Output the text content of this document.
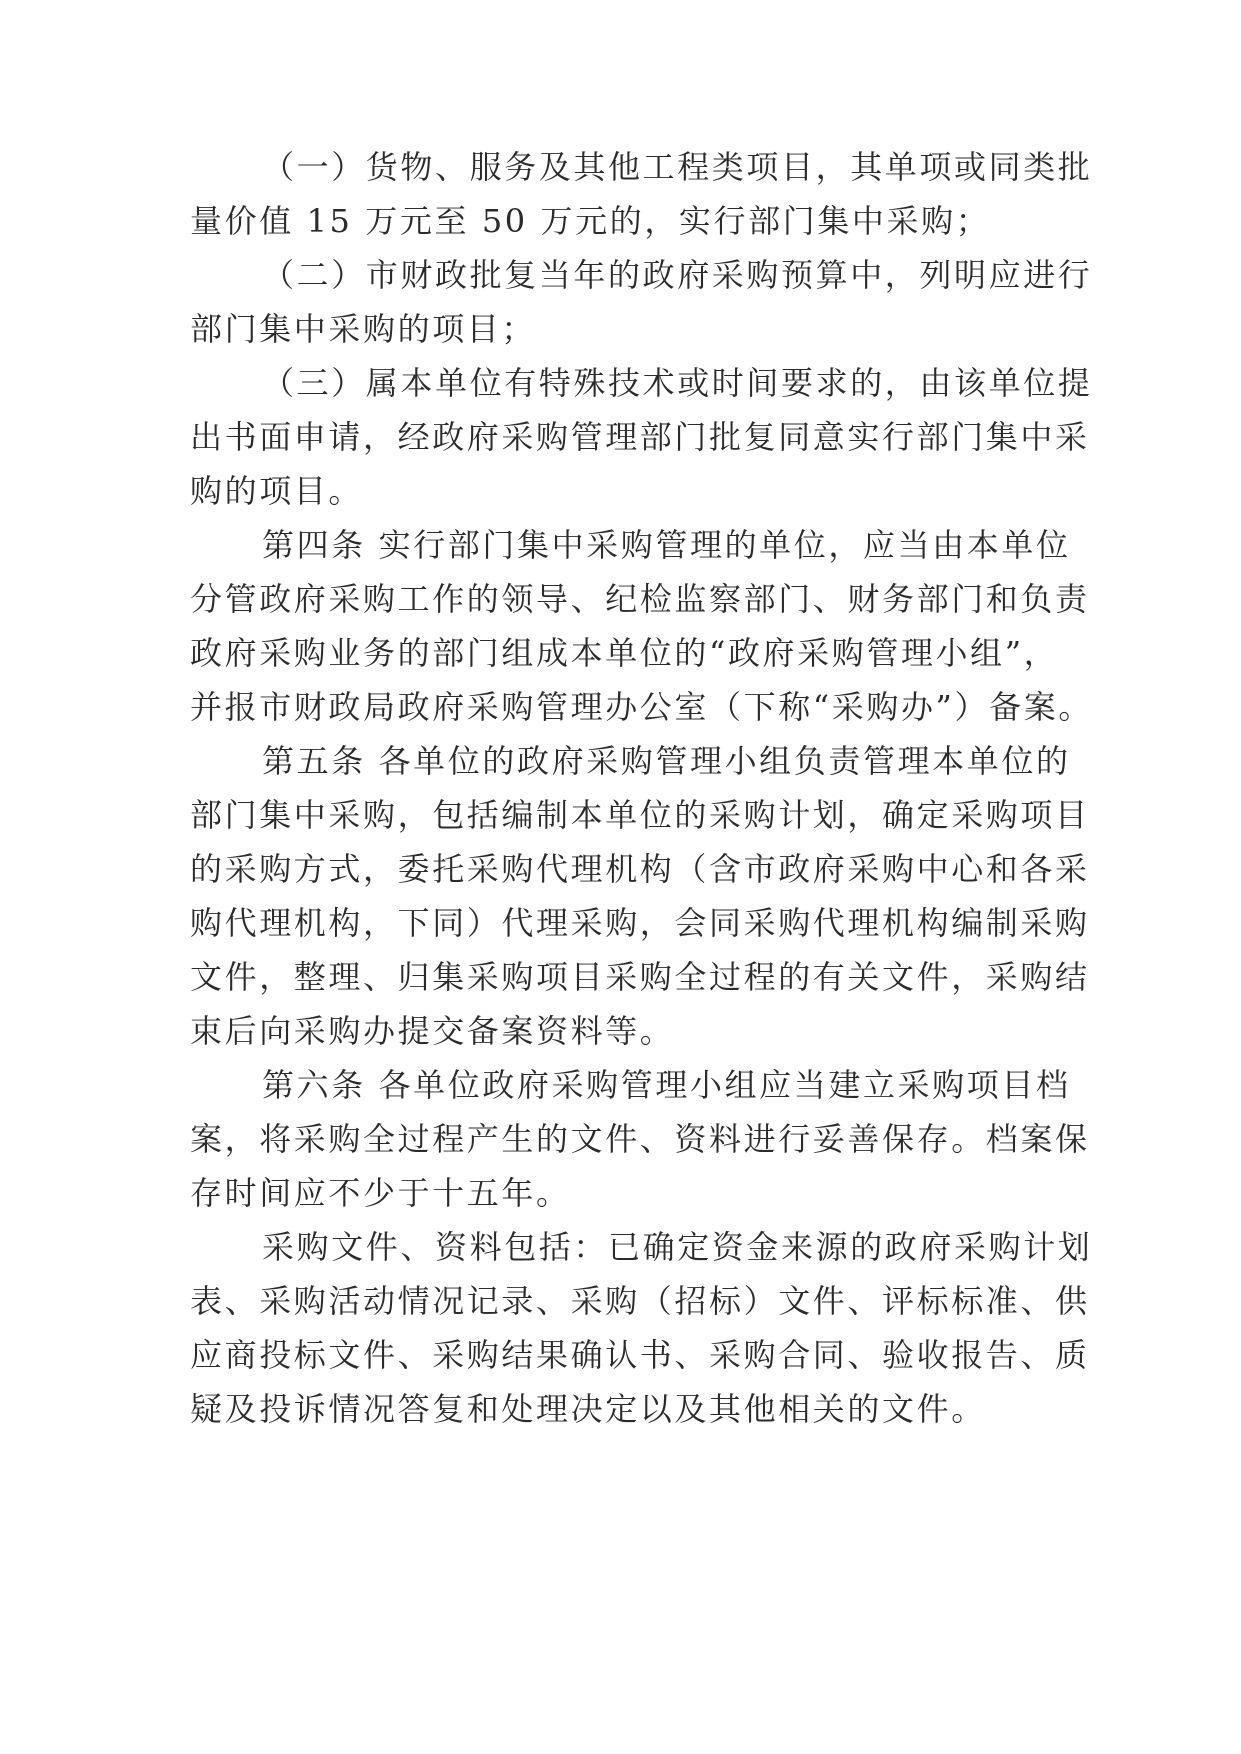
（一）货物、服务及其他工程类项目，其单项或同类批
量价值 15 万元至 50 万元的，实行部门集中采购；
（二）市财政批复当年的政府采购预算中，列明应进行
部门集中采购的项目；
（三）属本单位有特殊技术或时间要求的，由该单位提
出书面申请，经政府采购管理部门批复同意实行部门集中采
购的项目。
第四条 实行部门集中采购管理的单位，应当由本单位
分管政府采购工作的领导、纪检监察部门、财务部门和负责
政府采购业务的部门组成本单位的“政府采购管理小组”，
并报市财政局政府采购管理办公室（下称“采购办”）备案。
第五条 各单位的政府采购管理小组负责管理本单位的
部门集中采购，包括编制本单位的采购计划，确定采购项目
的采购方式，委托采购代理机构（含市政府采购中心和各采
购代理机构，下同）代理采购，会同采购代理机构编制采购
文件，整理、归集采购项目采购全过程的有关文件，采购结
束后向采购办提交备案资料等。
第六条 各单位政府采购管理小组应当建立采购项目档
案，将采购全过程产生的文件、资料进行妥善保存。档案保
存时间应不少于十五年。
采购文件、资料包括：已确定资金来源的政府采购计划
表、采购活动情况记录、采购（招标）文件、评标标准、供
应商投标文件、采购结果确认书、采购合同、验收报告、质
疑及投诉情况答复和处理决定以及其他相关的文件。
